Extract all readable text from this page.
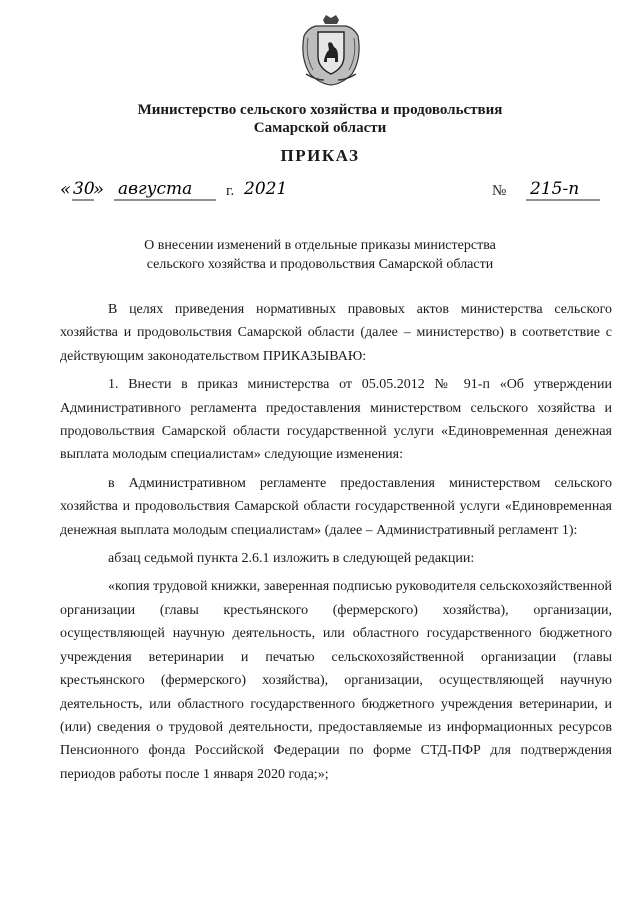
Министерство сельского хозяйства и продовольствия
Самарской области
ПРИКАЗ
« 30
» августа г. 2021	№ 215-п
О внесении изменений в отдельные приказы министерства
сельского хозяйства и продовольствия Самарской области

В целях приведения нормативных правовых актов министерства сельского хозяйства и продовольствия Самарской области (далее – министерство) в соответствие с действующим законодательством ПРИКАЗЫВАЮ:

1. Внести в приказ министерства от 05.05.2012 № 91-п «Об утверждении Административного регламента предоставления министерством сельского хозяйства и продовольствия Самарской области государственной услуги «Единовременная денежная выплата молодым специалистам» следующие изменения:

в Административном регламенте предоставления министерством сельского хозяйства и продовольствия Самарской области государственной услуги «Единовременная денежная выплата молодым специалистам» (далее – Административный регламент 1):

абзац седьмой пункта 2.6.1 изложить в следующей редакции:

«копия трудовой книжки, заверенная подписью руководителя сельскохозяйственной организации (главы крестьянского (фермерского) хозяйства), организации, осуществляющей научную деятельность, или областного государственного бюджетного учреждения ветеринарии и печатью сельскохозяйственной организации (главы крестьянского (фермерского) хозяйства), организации, осуществляющей научную деятельность, или областного государственного бюджетного учреждения ветеринарии, и (или) сведения о трудовой деятельности, предоставляемые из информационных ресурсов Пенсионного фонда Российской Федерации по форме СТД-ПФР для подтверждения периодов работы после 1 января 2020 года;»;
